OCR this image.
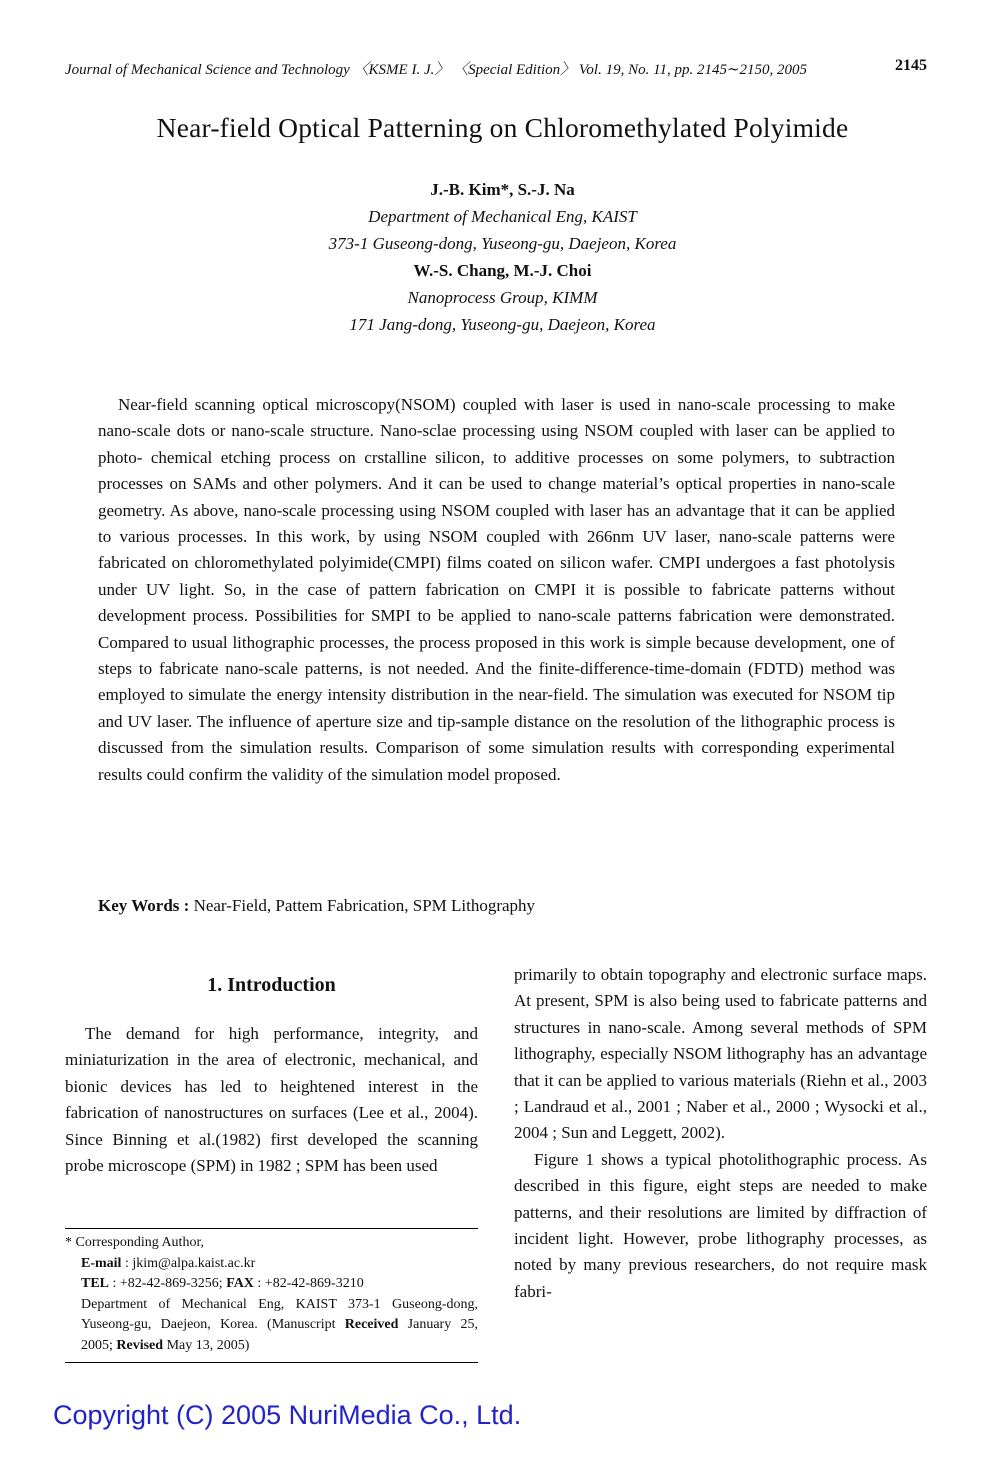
Journal of Mechanical Science and Technology 〈KSME I. J.〉 〈Special Edition〉 Vol. 19, No. 11, pp. 2145∼2150, 2005	2145
Near-field Optical Patterning on Chloromethylated Polyimide
J.-B. Kim*, S.-J. Na
Department of Mechanical Eng, KAIST
373-1 Guseong-dong, Yuseong-gu, Daejeon, Korea
W.-S. Chang, M.-J. Choi
Nanoprocess Group, KIMM
171 Jang-dong, Yuseong-gu, Daejeon, Korea

Near-field scanning optical microscopy(NSOM) coupled with laser is used in nano-scale processing to make nano-scale dots or nano-scale structure. Nano-sclae processing using NSOM coupled with laser can be applied to photo- chemical etching process on crstalline silicon, to additive processes on some polymers, to subtraction processes on SAMs and other polymers. And it can be used to change material’s optical properties in nano-scale geometry. As above, nano-scale processing using NSOM coupled with laser has an advantage that it can be applied to various processes. In this work, by using NSOM coupled with 266nm UV laser, nano-scale patterns were fabricated on chloromethylated polyimide(CMPI) films coated on silicon wafer. CMPI undergoes a fast photolysis under UV light. So, in the case of pattern fabrication on CMPI it is possible to fabricate patterns without development process. Possibilities for SMPI to be applied to nano-scale patterns fabrication were demonstrated. Compared to usual lithographic processes, the process proposed in this work is simple because development, one of steps to fabricate nano-scale patterns, is not needed. And the finite-difference-time-domain (FDTD) method was employed to simulate the energy intensity distribution in the near-field. The simulation was executed for NSOM tip and UV laser. The influence of aperture size and tip-sample distance on the resolution of the lithographic process is discussed from the simulation results. Comparison of some simulation results with corresponding experimental results could confirm the validity of the simulation model proposed.

Key Words : Near-Field, Pattem Fabrication, SPM Lithography
1. Introduction

The demand for high performance, integrity, and miniaturization in the area of electronic, mechanical, and bionic devices has led to heightened interest in the fabrication of nanostructures on surfaces (Lee et al., 2004). Since Binning et al.(1982) first developed the scanning probe microscope (SPM) in 1982 ; SPM has been used

primarily to obtain topography and electronic surface maps. At present, SPM is also being used to fabricate patterns and structures in nano-scale. Among several methods of SPM lithography, especially NSOM lithography has an advantage that it can be applied to various materials (Riehn et al., 2003 ; Landraud et al., 2001 ; Naber et al., 2000 ; Wysocki et al., 2004 ; Sun and Leggett, 2002).

Figure 1 shows a typical photolithographic process. As described in this figure, eight steps are needed to make patterns, and their resolutions are limited by diffraction of incident light. However, probe lithography processes, as noted by many previous researchers, do not require mask fabri-

* Corresponding Author,

E-mail : jkim@alpa.kaist.ac.kr

TEL : +82-42-869-3256; FAX : +82-42-869-3210

Department of Mechanical Eng, KAIST 373-1 Guseong-dong, Yuseong-gu, Daejeon, Korea. (Manuscript Received January 25, 2005; Revised May 13, 2005)

Copyright (C) 2005 NuriMedia Co., Ltd.
